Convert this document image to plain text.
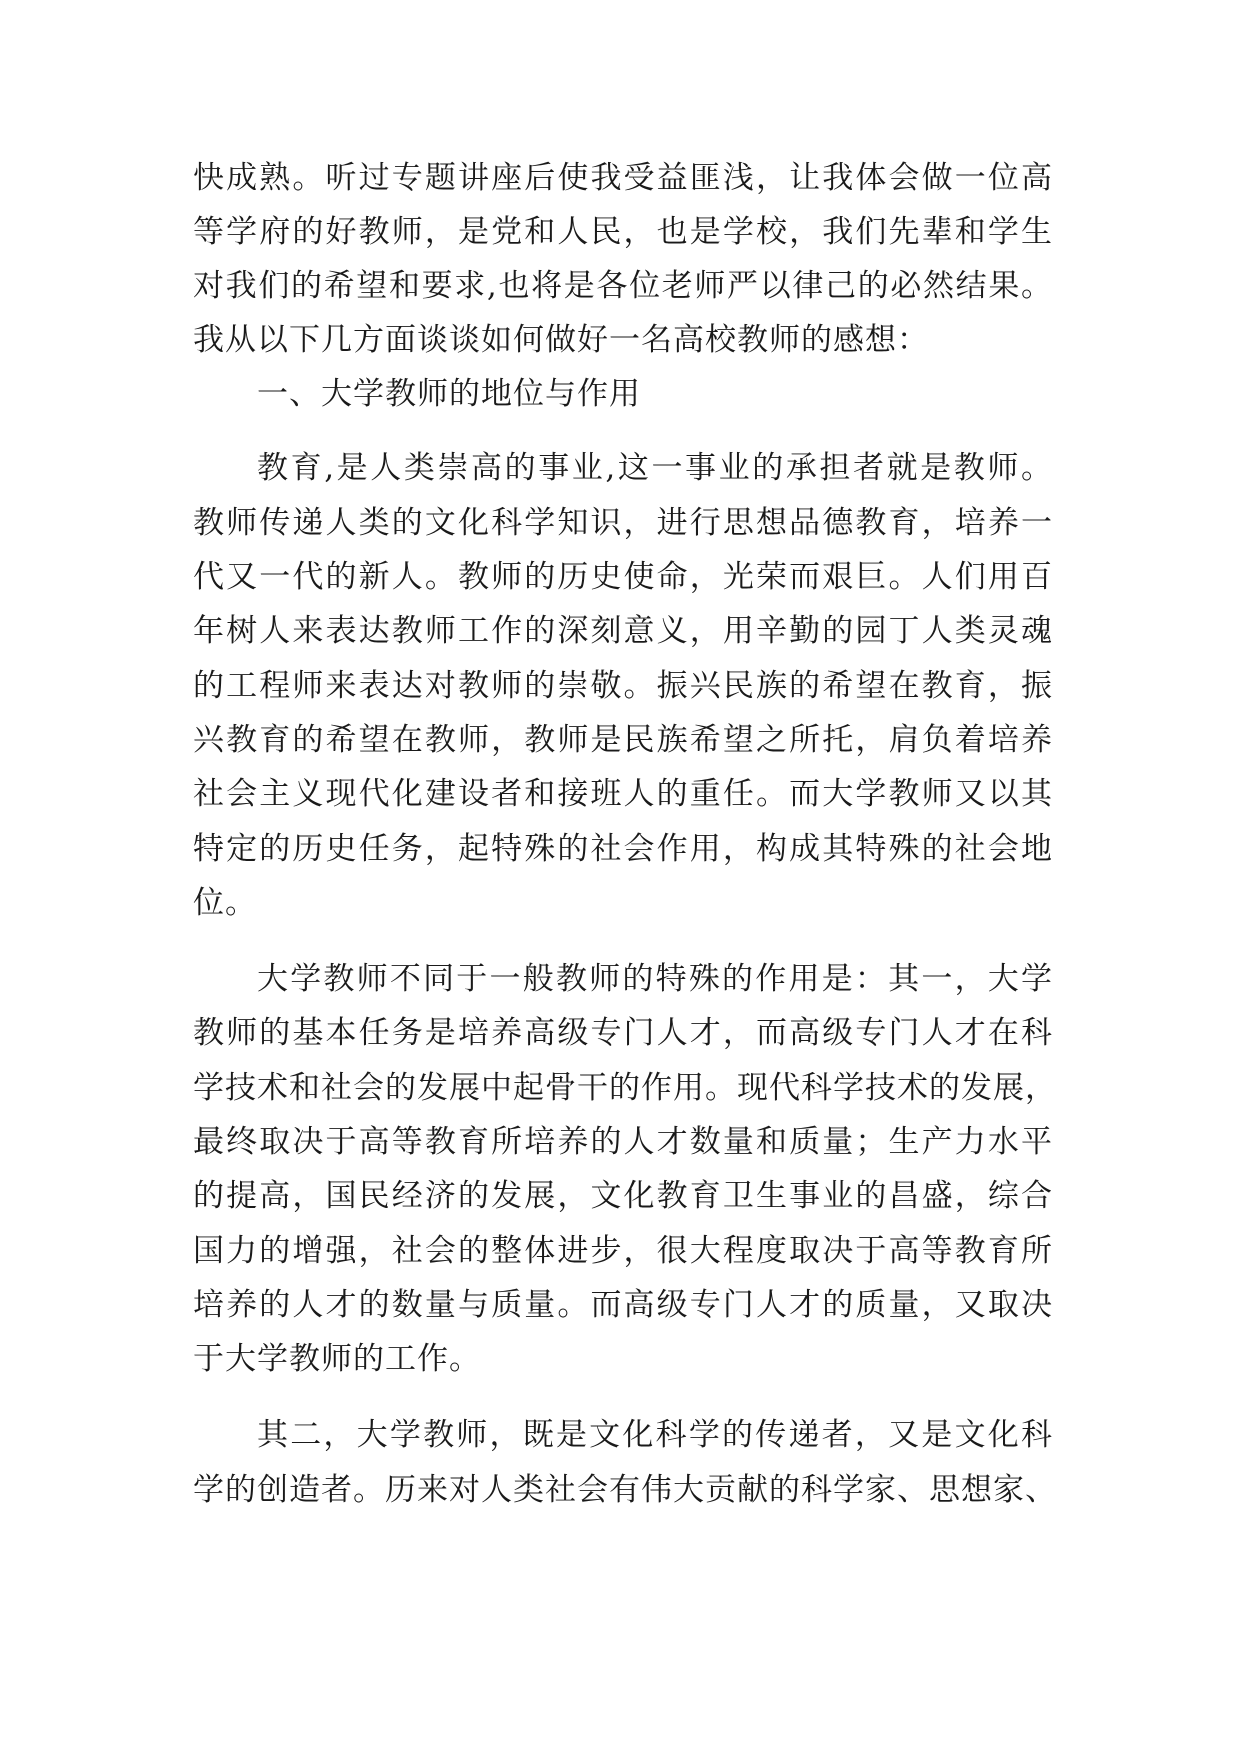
快成熟。听过专题讲座后使我受益匪浅，让我体会做一位高
等学府的好教师，是党和人民，也是学校，我们先辈和学生
对我们的希望和要求,也将是各位老师严以律己的必然结果。
我从以下几方面谈谈如何做好一名高校教师的感想：
一、大学教师的地位与作用
教育,是人类崇高的事业,这一事业的承担者就是教师。
教师传递人类的文化科学知识，进行思想品德教育，培养一
代又一代的新人。教师的历史使命，光荣而艰巨。人们用百
年树人来表达教师工作的深刻意义，用辛勤的园丁人类灵魂
的工程师来表达对教师的崇敬。振兴民族的希望在教育，振
兴教育的希望在教师，教师是民族希望之所托，肩负着培养
社会主义现代化建设者和接班人的重任。而大学教师又以其
特定的历史任务，起特殊的社会作用，构成其特殊的社会地
位。
大学教师不同于一般教师的特殊的作用是：其一，大学
教师的基本任务是培养高级专门人才，而高级专门人才在科
学技术和社会的发展中起骨干的作用。现代科学技术的发展，
最终取决于高等教育所培养的人才数量和质量；生产力水平
的提高，国民经济的发展，文化教育卫生事业的昌盛，综合
国力的增强，社会的整体进步，很大程度取决于高等教育所
培养的人才的数量与质量。而高级专门人才的质量，又取决
于大学教师的工作。
其二，大学教师，既是文化科学的传递者，又是文化科
学的创造者。历来对人类社会有伟大贡献的科学家、思想家、
